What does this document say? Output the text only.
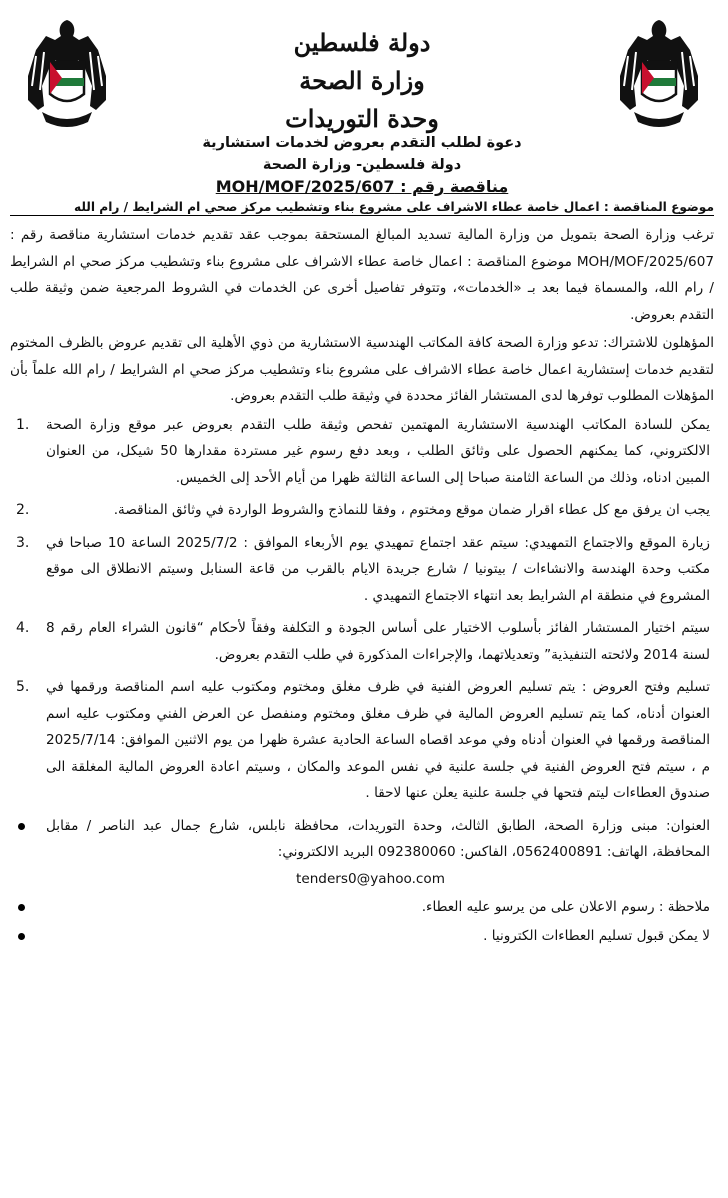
دولة فلسطين
وزارة الصحة
وحدة التوريدات
دعوة لطلب التقدم بعروض لخدمات استشارية
دولة فلسطين- وزارة الصحة
مناقصة رقم : MOH/MOF/2025/607
موضوع المناقصة : اعمال خاصة عطاء الاشراف على مشروع بناء وتشطيب مركز صحي ام الشرايط / رام الله

ترغب وزارة الصحة بتمويل من وزارة المالية تسديد المبالغ المستحقة بموجب عقد تقديم خدمات استشارية مناقصة رقم : MOH/MOF/2025/607 موضوع المناقصة : اعمال خاصة عطاء الاشراف على مشروع بناء وتشطيب مركز صحي ام الشرايط / رام الله، والمسماة فيما بعد بـ «الخدمات»، وتتوفر تفاصيل أخرى عن الخدمات في الشروط المرجعية ضمن وثيقة طلب التقدم بعروض.

المؤهلون للاشتراك: تدعو وزارة الصحة كافة المكاتب الهندسية الاستشارية من ذوي الأهلية الى تقديم عروض بالظرف المختوم لتقديم خدمات إستشارية اعمال خاصة عطاء الاشراف على مشروع بناء وتشطيب مركز صحي ام الشرايط / رام الله علماً بأن المؤهلات المطلوب توفرها لدى المستشار الفائز محددة في وثيقة طلب التقدم بعروض.

1. يمكن للسادة المكاتب الهندسية الاستشارية المهتمين تفحص وثيقة طلب التقدم بعروض عبر موقع وزارة الصحة الالكتروني، كما يمكنهم الحصول على وثائق الطلب ، وبعد دفع رسوم غير مستردة مقدارها 50 شيكل، من العنوان المبين ادناه، وذلك من الساعة الثامنة صباحا إلى الساعة الثالثة ظهرا من أيام الأحد إلى الخميس.
2.	يجب ان يرفق مع كل عطاء اقرار ضمان موقع ومختوم ، وفقا للنماذج والشروط الواردة في وثائق المناقصة.
3. زيارة الموقع والاجتماع التمهيدي: سيتم عقد اجتماع تمهيدي يوم الأربعاء الموافق : 2025/7/2 الساعة 10 صباحا في مكتب وحدة الهندسة والانشاءات / بيتونيا / شارع جريدة الايام بالقرب من قاعة السنابل وسيتم الانطلاق الى موقع المشروع في منطقة ام الشرايط بعد انتهاء الاجتماع التمهيدي .
4. سيتم اختيار المستشار الفائز بأسلوب الاختيار على أساس الجودة و التكلفة وفقاً لأحكام “قانون الشراء العام رقم 8 لسنة 2014 ولائحته التنفيذية” وتعديلاتهما، والإجراءات المذكورة في طلب التقدم بعروض.
5. تسليم وفتح العروض : يتم تسليم العروض الفنية في ظرف مغلق ومختوم ومكتوب عليه اسم المناقصة ورقمها في العنوان أدناه، كما يتم تسليم العروض المالية في ظرف مغلق ومختوم ومنفصل عن العرض الفني ومكتوب عليه اسم المناقصة ورقمها في العنوان أدناه وفي موعد اقصاه الساعة الحادية عشرة ظهرا من يوم الاثنين الموافق: 2025/7/14 م ، سيتم فتح العروض الفنية في جلسة علنية في نفس الموعد والمكان ، وسيتم اعادة العروض المالية المغلقة الى صندوق العطاءات ليتم فتحها في جلسة علنية يعلن عنها لاحقا .
العنوان: مبنى وزارة الصحة، الطابق الثالث، وحدة التوريدات، محافظة نابلس، شارع جمال عبد الناصر / مقابل المحافظة، الهاتف: 0562400891، الفاكس: 092380060 البريد الالكتروني:
tenders0@yahoo.com
ملاحظة : رسوم الاعلان على من يرسو عليه العطاء.
لا يمكن قبول تسليم العطاءات الكترونيا .
